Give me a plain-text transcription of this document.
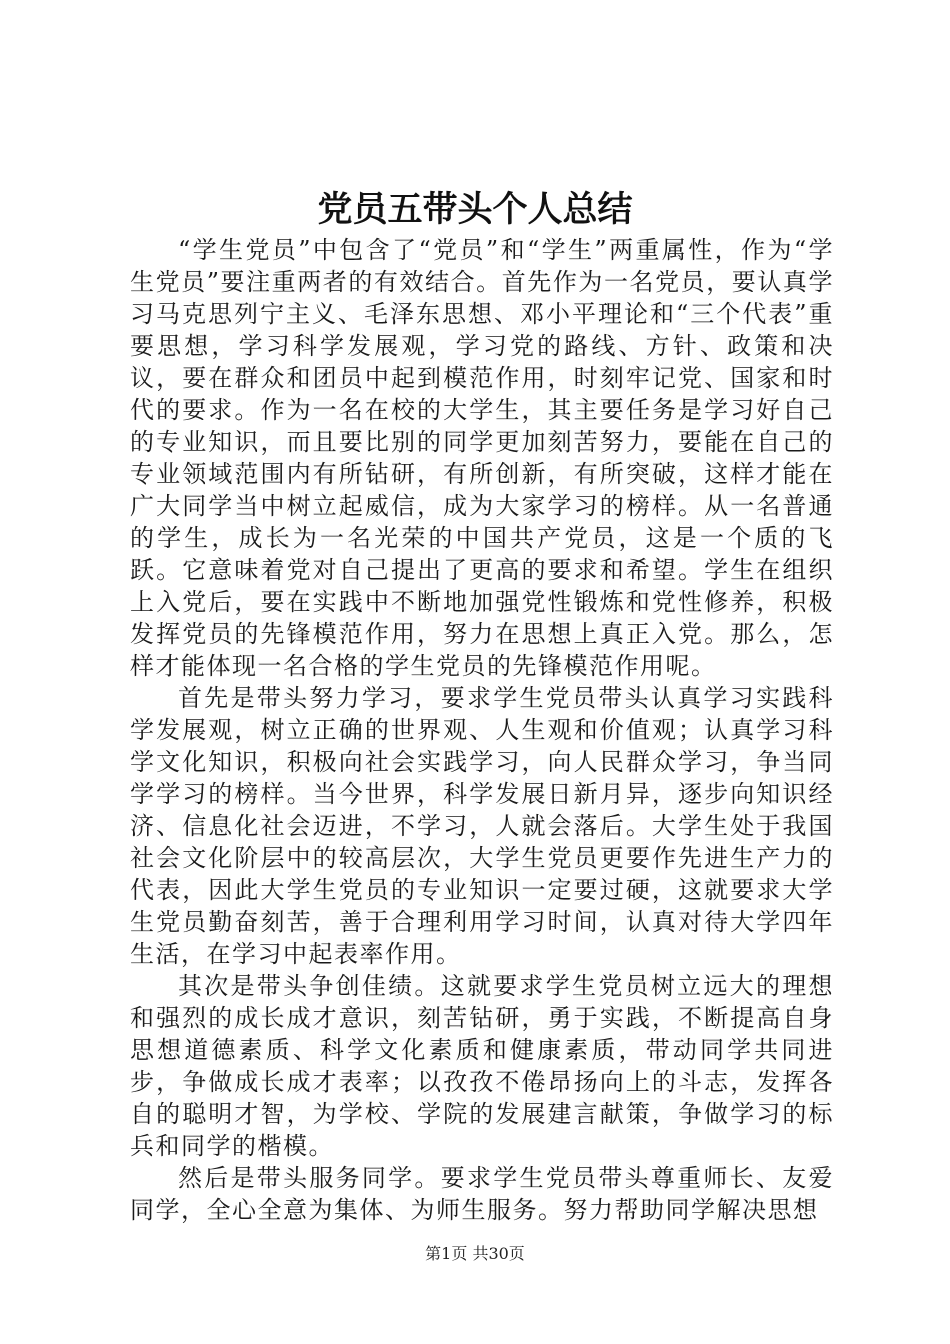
党员五带头个人总结

“学生党员”中包含了“党员”和“学生”两重属性，作为“学生党员”要注重两者的有效结合。首先作为一名党员，要认真学习马克思列宁主义、毛泽东思想、邓小平理论和“三个代表”重要思想，学习科学发展观，学习党的路线、方针、政策和决议，要在群众和团员中起到模范作用，时刻牢记党、国家和时代的要求。作为一名在校的大学生，其主要任务是学习好自己的专业知识，而且要比别的同学更加刻苦努力，要能在自己的专业领域范围内有所钻研，有所创新，有所突破，这样才能在广大同学当中树立起威信，成为大家学习的榜样。从一名普通的学生，成长为一名光荣的中国共产党员，这是一个质的飞跃。它意味着党对自己提出了更高的要求和希望。学生在组织上入党后，要在实践中不断地加强党性锻炼和党性修养，积极发挥党员的先锋模范作用，努力在思想上真正入党。那么，怎样才能体现一名合格的学生党员的先锋模范作用呢。

首先是带头努力学习，要求学生党员带头认真学习实践科学发展观，树立正确的世界观、人生观和价值观；认真学习科学文化知识，积极向社会实践学习，向人民群众学习，争当同学学习的榜样。当今世界，科学发展日新月异，逐步向知识经济、信息化社会迈进，不学习，人就会落后。大学生处于我国社会文化阶层中的较高层次，大学生党员更要作先进生产力的代表，因此大学生党员的专业知识一定要过硬，这就要求大学生党员勤奋刻苦，善于合理利用学习时间，认真对待大学四年生活，在学习中起表率作用。

其次是带头争创佳绩。这就要求学生党员树立远大的理想和强烈的成长成才意识，刻苦钻研，勇于实践，不断提高自身思想道德素质、科学文化素质和健康素质，带动同学共同进步，争做成长成才表率；以孜孜不倦昂扬向上的斗志，发挥各自的聪明才智，为学校、学院的发展建言献策，争做学习的标兵和同学的楷模。

然后是带头服务同学。要求学生党员带头尊重师长、友爱同学，全心全意为集体、为师生服务。努力帮助同学解决思想

第1页 共30页
